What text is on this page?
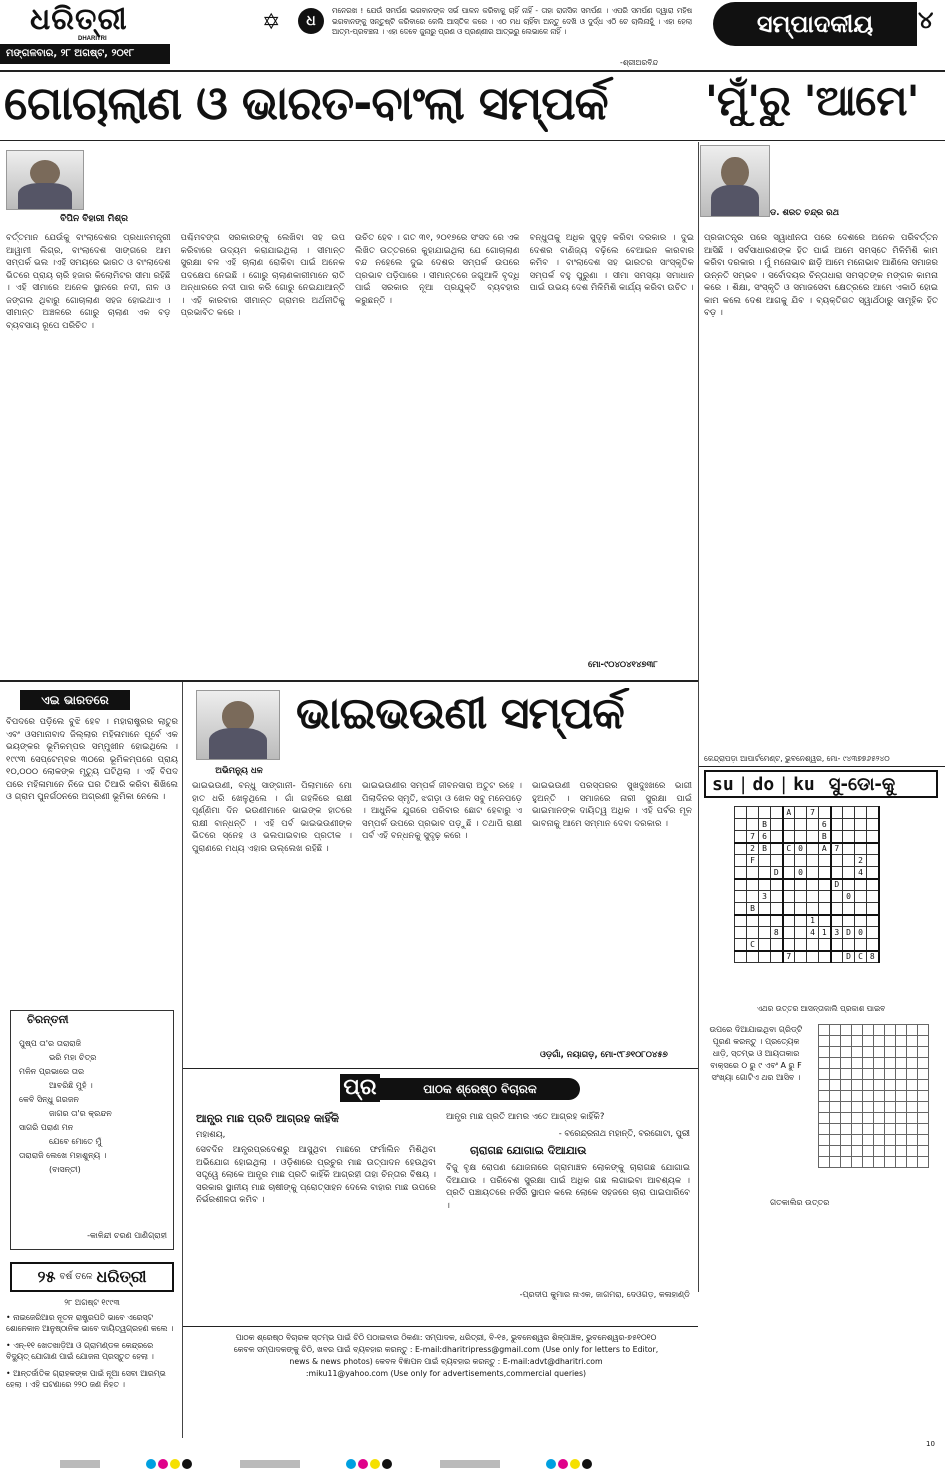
ଧରିତ୍ରୀ
DHARITRI
ମଙ୍ଗଳବାର, ୨୮ ଅଗଷ୍ଟ, ୨୦୧୮
✡	ଧ
ମନେରଖ ! ଯେଉଁ ସମର୍ପଣ ଭଗବାନଙ୍କ ସର୍ଭ ପାଳନ କରିବାକୁ ଚାହିଁ ନାହିଁ - ତାହା ରାଜସିକ ସମର୍ପଣ । ଏପରି ସମର୍ପଣ ଦ୍ୱାରା ମହିଷ ଭଗବାନଙ୍କୁ ସନ୍ତୁଷ୍ଟି କରିବାରେ କେଲି ଆସ୍ତିଳ କରେ । ଏଠ ମଧ ଚାହିଁବା ଅନ୍ତୁ ଦେଖି ଓ ଦୁର୍ଦ୍ଧ ଏଠି ଚେ ଚାଲିନାହୁଁ । ଏହା ହେଲା ଆତ୍ମ-ପ୍ରବଞ୍ଚନା । ଏହା ଦେବେ ଜୁନାରୁ ପ୍ରଣ ଓ ପ୍ରଣ୍ଣୀର ଆତ୍ଭରୁ ଲେଭାଳେ ନାହିଁ ।
-ଶ୍ରୀଅରବିନ୍ଦ
ସମ୍ପାଦକୀୟ	୪
ଗୋଚାଲାଣ ଓ ଭାରତ-ବାଂଲା ସମ୍ପର୍କ	'ମୁଁ'ରୁ 'ଆମେ'
ବିପିନ ବିହାରୀ ମିଶ୍ର

ବର୍ତ୍ତମାନ ଯେଉଁକୁ ବାଂଲାଦେଶର ପ୍ରଧାନମନ୍ତ୍ରୀ ଆୱାମୀ ଲିଗ୍‌ର, ବାଂଲାଦେଶ ସାଙ୍ଗରେ ଆମ ସମ୍ପର୍କ ଭଲ ।ଏହି ସମୟରେ ଭାରତ ଓ ବାଂଲାଦେଶ ଭିତରେ ପ୍ରାୟ ଚାରି ହଜାର କିଲୋମିଟର ସୀମା ରହିଛି । ଏହି ସୀମାରେ ଅନେକ ସ୍ଥାନରେ ନଦୀ, ନାଳ ଓ ଜଙ୍ଗଲ ଥିବାରୁ ଗୋଚାଲାଣ ସହଜ ହୋଇଥାଏ । ସୀମାନ୍ତ ଅଞ୍ଚଳରେ ଗୋରୁ ଚାଲାଣ ଏକ ବଡ଼ ବ୍ୟବସାୟ ରୂପେ ପରିଚିତ ।

ପଶ୍ଚିମବଙ୍ଗ ସରକାରଙ୍କୁ ଲେଖିବା ସହ ଉପ କରିବାରେ ଉଦ୍ୟମ କରାଯାଇଥିଲା । ସୀମାନ୍ତ ସୁରକ୍ଷା ବଳ ଏହି ଚାଲାଣ ରୋକିବା ପାଇଁ ଅନେକ ପଦକ୍ଷେପ ନେଇଛି । ଗୋରୁ ଚାଲାଣକାରୀମାନେ ରାତି ଅନ୍ଧାରରେ ନଦୀ ପାର କରି ଗୋରୁ ନେଇଯାଆନ୍ତି । ଏହି କାରବାର ସୀମାନ୍ତ ଗ୍ରାମର ଅର୍ଥନୀତିକୁ ପ୍ରଭାବିତ କରେ ।

ଉଚିତ ହେବ । ଗତ ୩୧, ୨୦୧୭ରେ ସଂସଦ ରେ ଏକ ଲିଖିତ ଉତ୍ତରରେ କୁହାଯାଇଥିଲା ଯେ ଗୋଚାଲାଣ ବନ୍ଦ ନହେଲେ ଦୁଇ ଦେଶର ସମ୍ପର୍କ ଉପରେ ପ୍ରଭାବ ପଡ଼ିପାରେ । ସୀମାନ୍ତରେ ଜଗୁଆଳି ବୃଦ୍ଧି ପାଇଁ ସରକାର ନୂଆ ପ୍ରଯୁକ୍ତି ବ୍ୟବହାର କରୁଛନ୍ତି ।

ବନ୍ଧୁତାକୁ ଅଧିକ ସୁଦୃଢ଼ କରିବା ଦରକାର । ଦୁଇ ଦେଶର ବାଣିଜ୍ୟ ବଢ଼ିଲେ ବେଆଇନ କାରବାର କମିବ । ବାଂଲାଦେଶ ସହ ଭାରତର ସାଂସ୍କୃତିକ ସମ୍ପର୍କ ବହୁ ପୁରୁଣା । ସୀମା ସମସ୍ୟା ସମାଧାନ ପାଇଁ ଉଭୟ ଦେଶ ମିଳିମିଶି କାର୍ଯ୍ୟ କରିବା ଉଚିତ ।

ମୋ-୯୦୪୦୪୧୪୭୩୮
ଡ. ଶରତ ଚନ୍ଦ୍ର ରଥ
ପ୍ରଜାତନ୍ତ୍ର ପରେ ସ୍ୱାଧୀନତା ପରେ ଦେଶରେ ଅନେକ ପରିବର୍ତ୍ତନ ଆସିଛି । ସର୍ବସାଧାରଣଙ୍କ ହିତ ପାଇଁ ଆମେ ସମସ୍ତେ ମିଳିମିଶି କାମ କରିବା ଦରକାର । ମୁଁ ମନୋଭାବ ଛାଡ଼ି ଆମେ ମନୋଭାବ ଆଣିଲେ ସମାଜର ଉନ୍ନତି ସମ୍ଭବ । ସର୍ବୋଦୟର ଚିନ୍ତାଧାରା ସମସ୍ତଙ୍କ ମଙ୍ଗଳ କାମନା କରେ । ଶିକ୍ଷା, ସଂସ୍କୃତି ଓ ସମାଜସେବା କ୍ଷେତ୍ରରେ ଆମେ ଏକାଠି ହୋଇ କାମ କଲେ ଦେଶ ଆଗକୁ ଯିବ । ବ୍ୟକ୍ତିଗତ ସ୍ୱାର୍ଥଠାରୁ ସାମୂହିକ ହିତ ବଡ଼ ।
କେନ୍ଦ୍ରାପଡ଼ା ଆପାର୍ଟମେଣ୍ଟ, ଭୁବନେଶ୍ୱର, ମୋ- ୯୪୩୭୭୬୫୨୪୦
su | do | ku ସୁ-ଡୋ-କୁ
				A		7					
		B					6				
	7	6					B				
	2	B		C	0		A	7			
	F									2	
			D		0					4	
								D			
		3							0		
	B										
						1					
			8			4	1	3	D	0	
	C										
				7					D	C	8
ଏଥର ଉତ୍ତର ଆସନ୍ତାକାଲି ପ୍ରକାଶ ପାଇବ
ଉପରେ ଦିଆଯାଇଥିବା ଗ୍ରିଡ୍‌ଟି ପୂରଣ କରନ୍ତୁ । ପ୍ରତ୍ୟେକ ଧାଡ଼ି, ସ୍ତମ୍ଭ ଓ ଆୟତାକାର ବାକ୍ସରେ ୦ ରୁ ୯ ଏବଂ A ରୁ F ସଂଖ୍ୟା ଗୋଟିଏ ଥର ଆସିବ ।

ଗତକାଲିର ଉତ୍ତର
ଏଇ ଭାରତରେ
ବିପଦରେ ପଡ଼ିଲେ ବୁଝି ହେବ । ମହାରାଷ୍ଟ୍ରର ଲାତୁର ଏବଂ ଓସମାନାବାଦ ଜିଲ୍ଲାର ମହିଳାମାନେ ପୂର୍ବେ ଏକ ଭୟଙ୍କର ଭୂମିକମ୍ପର ସମ୍ମୁଖୀନ ହୋଇଥିଲେ । ୧୯୯୩ ସେପ୍ଟେମ୍ବର ୩୦ରେ ଭୂମିକମ୍ପରେ ପ୍ରାୟ ୧୦,୦୦୦ ଲୋକଙ୍କ ମୃତ୍ୟୁ ଘଟିଥିଲା । ଏହି ବିପଦ ପରେ ମହିଳାମାନେ ନିଜେ ଘର ତିଆରି କରିବା ଶିଖିଲେ ଓ ଗ୍ରାମ ପୁନର୍ଗଠନରେ ଅଗ୍ରଣୀ ଭୂମିକା ନେଲେ ।
ଚିରନ୍ତନୀ
ପୁଷ୍ପ ତା'ର ତାରାରାଜି
ଭରି ମହା ଚିତ୍ର
ମଳିନ ପ୍ରଭାରେ ତାର
ଆବରିଛି ମୁହଁ ।
କେବି ସିନ୍ଧୁ ଗରଜନ
ଜାଗର ତା'ର କ୍ରନ୍ଦନ
ସାଗରି ପରାଣ ମନ
ଯେବେ ମୋତେ ମୁଁ
ତାରାରାଜି ଲେଖେ ମହାଶୁନ୍ୟ ।
(ବାସନ୍ତୀ)
-କାଳିନ୍ଦୀ ଚରଣ ପାଣିଗ୍ରାହୀ
୨୫ ବର୍ଷ ତଳେ ଧରିତ୍ରୀ
୨୮ ଅଗଷ୍ଟ ୧୯୯୩
• ନାଇଜେରିଆର ନୂତନ ରାଷ୍ଟ୍ରପତି ଭାବେ ଏରେସ୍ଟ ଶୋନେକାନ ଆନୁଷ୍ଠାନିକ ଭାବେ ଦାୟିତ୍ୱଗ୍ରହଣ କଲେ ।
• ଏନ୍‌-୧୧ ଖେତଖାଡ଼ିଆ ଓ ଗ୍ରାମଣ୍ଡଳ କେନ୍ଦ୍ରରେ ବିଦ୍ୟୁତ୍ ଯୋଗାଣ ପାଇଁ ଯୋଜନା ପ୍ରସ୍ତୁତ ହେଲା ।
• ଆନ୍ତର୍ଜାତିକ ଗ୍ରାହକଙ୍କ ପାଇଁ ନୂଆ ସେବା ଆରମ୍ଭ ହେଲା । ଏହି ଘଟଣାରେ ୨୨୦ ଜଣ ନିହତ ।
ଅଭିମନ୍ୟୁ ଧଳ
ଭାଇଭଉଣୀ ସମ୍ପର୍କ

ଭାଇଭଉଣୀ, ବନ୍ଧୁ ସାଙ୍ଗାନୀ- ପିଲାମାନେ ମୋ ହାତ ଧରି ଖେଳୁଥିଲେ । ଗାଁ ଗହଳିରେ ରାକ୍ଷୀ ପୂର୍ଣ୍ଣିମା ଦିନ ଭଉଣୀମାନେ ଭାଇଙ୍କ ହାତରେ ରାକ୍ଷୀ ବାନ୍ଧନ୍ତି । ଏହି ପର୍ବ ଭାଇଭଉଣୀଙ୍କ ଭିତରେ ସ୍ନେହ ଓ ଭଲପାଇବାର ପ୍ରତୀକ । ପୁରାଣରେ ମଧ୍ୟ ଏହାର ଉଲ୍ଲେଖ ରହିଛି ।

ଭାଇଭଉଣୀର ସମ୍ପର୍କ ଜୀବନସାରା ଅତୁଟ ରହେ । ପିଲାଦିନର ସ୍ମୃତି, ଝଗଡ଼ା ଓ ଖେଳ ସବୁ ମନେପଡ଼େ । ଆଧୁନିକ ଯୁଗରେ ପରିବାର ଛୋଟ ହେବାରୁ ଏ ସମ୍ପର୍କ ଉପରେ ପ୍ରଭାବ ପଡ଼ୁଛି । ତଥାପି ରାକ୍ଷୀ ପର୍ବ ଏହି ବନ୍ଧନକୁ ସୁଦୃଢ଼ କରେ ।

ଭାଇଭଉଣୀ ପରସ୍ପରର ସୁଖଦୁଃଖରେ ଭାଗୀ ହୁଅନ୍ତି । ସମାଜରେ ନାରୀ ସୁରକ୍ଷା ପାଇଁ ଭାଇମାନଙ୍କ ଦାୟିତ୍ୱ ଅଧିକ । ଏହି ପର୍ବର ମୂଳ ଭାବନାକୁ ଆମେ ସମ୍ମାନ ଦେବା ଦରକାର ।

ଓଡ଼ଗାଁ, ନୟାଗଡ଼, ମୋ-୯୮୬୧୦୮୦୪୫୭
ପ୍ର	ପାଠକ ଶ୍ରେଷ୍ଠ ବିଚାରକ
ଆନ୍ଧ୍ର ମାଛ ପ୍ରତି ଆଗ୍ରହ କାହିଁକି
ମହାଶୟ,
ସେବଦିନ ଆନ୍ଧ୍ରପ୍ରଦେଶରୁ ଆସୁଥିବା ମାଛରେ ଫର୍ମାଲିନ ମିଶିଥିବା ଅଭିଯୋଗ ହୋଇଥିଲା । ଓଡ଼ିଶାରେ ପ୍ରଚୁର ମାଛ ଉତ୍ପାଦନ ହେଉଥିବା ସତ୍ତ୍ୱେ ଲୋକେ ଆନ୍ଧ୍ର ମାଛ ପ୍ରତି କାହିଁକି ଆଗ୍ରହୀ ତାହା ଚିନ୍ତାର ବିଷୟ । ସରକାର ସ୍ଥାନୀୟ ମାଛ ଚାଷୀଙ୍କୁ ପ୍ରୋତ୍ସାହନ ଦେଲେ ବାହାର ମାଛ ଉପରେ ନିର୍ଭରଶୀଳତା କମିବ ।
ଆନ୍ଧ୍ର ମାଛ ପ୍ରତି ଆମର ଏତେ ଆଗ୍ରହ କାହିଁକି?
- ବରେନ୍ଦ୍ରନାଥ ମହାନ୍ତି, ବରଗୋଟା, ପୁରୀ
ଚାରାଗଛ ଯୋଗାଇ ଦିଆଯାଉ
ବିଜୁ ବୃକ୍ଷ ରୋପଣ ଯୋଜନାରେ ଗ୍ରାମାଞ୍ଚଳ ଲୋକଙ୍କୁ ଚାରାଗଛ ଯୋଗାଇ ଦିଆଯାଉ । ପରିବେଶ ସୁରକ୍ଷା ପାଇଁ ଅଧିକ ଗଛ ଲଗାଇବା ଆବଶ୍ୟକ । ପ୍ରତି ପଞ୍ଚାୟତରେ ନର୍ସରି ସ୍ଥାପନ କଲେ ଲୋକେ ସହଜରେ ଚାରା ପାଇପାରିବେ ।
-ପ୍ରଦୀପ କୁମାର ନାଏକ, ଜାଗମରା, ଦେଓଗଡ଼, କଳାହାଣ୍ଡି
ପାଠକ ଶ୍ରେଷ୍ଠ ବିଚାରକ ସ୍ତମ୍ଭ ପାଇଁ ଚିଠି ପଠାଇବାର ଠିକଣା: ସମ୍ପାଦକ, ଧରିତ୍ରୀ, ବି-୧୫, ଭୁବନେଶ୍ୱର ଶିଳ୍ପାଞ୍ଚଳ, ଭୁବନେଶ୍ୱର-୭୫୧୦୧୦
କେବଳ ସମ୍ପାଦକଙ୍କୁ ଚିଠି, ଖବର ପାଇଁ ବ୍ୟବହାର କରନ୍ତୁ : E-mail:dharitripress@gmail.com (Use only for letters to Editor,
news & news photos) କେବଳ ବିଜ୍ଞାପନ ପାଇଁ ବ୍ୟବହାର କରନ୍ତୁ : E-mail:advt@dharitri.com
:miku11@yahoo.com (Use only for advertisements,commercial queries)
10
